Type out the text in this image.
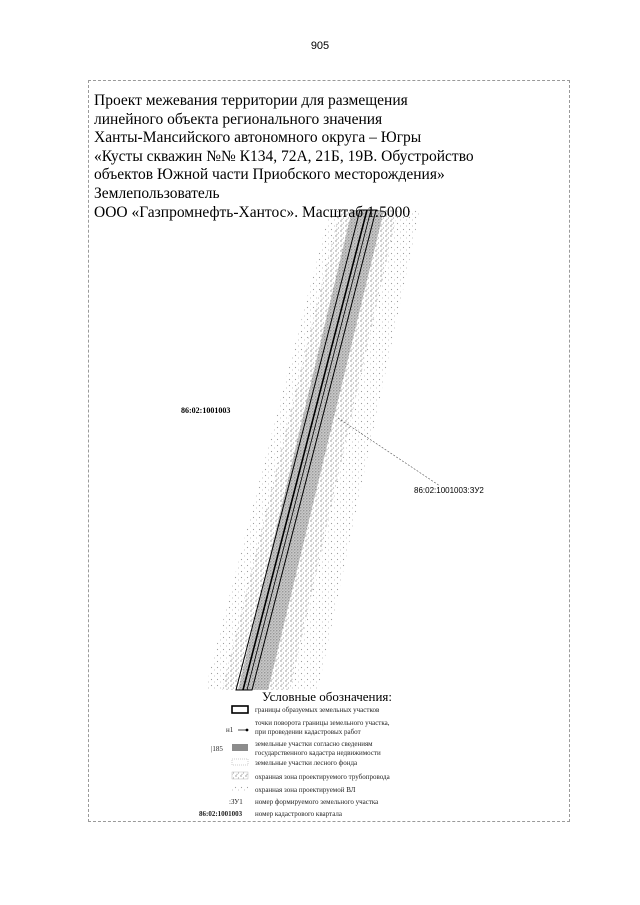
905
Проект межевания территории для размещения
линейного объекта регионального значения
Ханты-Мансийского автономного округа – Югры
«Кусты скважин №№ К134, 72А, 21Б, 19В. Обустройство
объектов Южной части Приобского месторождения»
Землепользователь
ООО «Газпромнефть-Хантос». Масштаб 1:5000
86:02:1001003
86:02:1001003:ЗУ2
Условные обозначения:
границы образуемых земельных участков
н1
точки поворота границы земельного участка,
при проведении кадастровых работ
|185
земельные участки согласно сведениям
государственного кадастра недвижимости
земельные участки лесного фонда
охранная зона проектируемого трубопровода
охранная зона проектируемой ВЛ
:ЗУ1 номер формируемого земельного участка
86:02:1001003 номер кадастрового квартала
